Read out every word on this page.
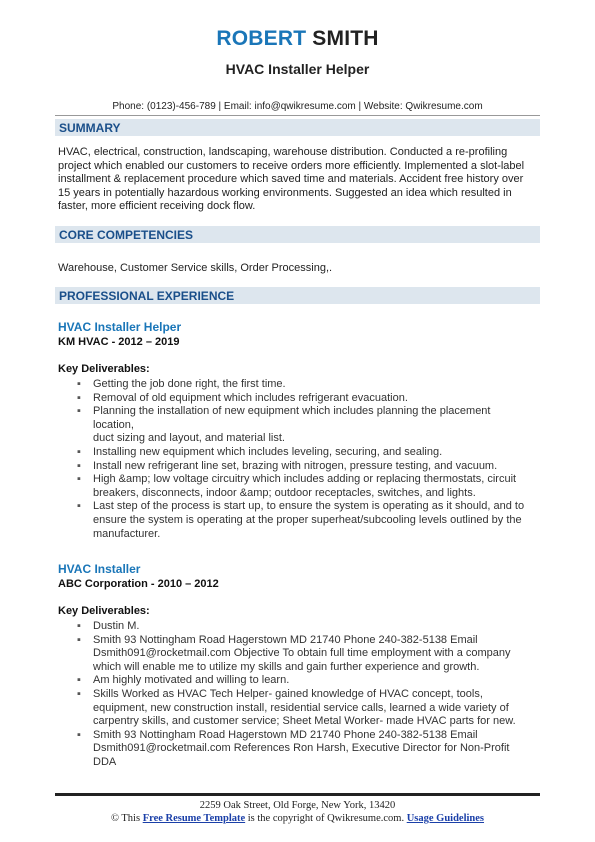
ROBERT SMITH
HVAC Installer Helper
Phone: (0123)-456-789 | Email: info@qwikresume.com | Website: Qwikresume.com
SUMMARY
HVAC, electrical, construction, landscaping, warehouse distribution. Conducted a re-profiling
project which enabled our customers to receive orders more efficiently. Implemented a slot-label
installment & replacement procedure which saved time and materials. Accident free history over
15 years in potentially hazardous working environments. Suggested an idea which resulted in
faster, more efficient receiving dock flow.
CORE COMPETENCIES
Warehouse, Customer Service skills, Order Processing,.
PROFESSIONAL EXPERIENCE
HVAC Installer Helper
KM HVAC - 2012 – 2019
Key Deliverables:
▪ Getting the job done right, the first time.
▪ Removal of old equipment which includes refrigerant evacuation.
▪ Planning the installation of new equipment which includes planning the placement location,
duct sizing and layout, and material list.
▪ Installing new equipment which includes leveling, securing, and sealing.
▪ Install new refrigerant line set, brazing with nitrogen, pressure testing, and vacuum.
▪ High &amp; low voltage circuitry which includes adding or replacing thermostats, circuit
breakers, disconnects, indoor &amp; outdoor receptacles, switches, and lights.
▪ Last step of the process is start up, to ensure the system is operating as it should, and to
ensure the system is operating at the proper superheat/subcooling levels outlined by the
manufacturer.
HVAC Installer
ABC Corporation - 2010 – 2012
Key Deliverables:
▪ Dustin M.
▪ Smith 93 Nottingham Road Hagerstown MD 21740 Phone 240-382-5138 Email
Dsmith091@rocketmail.com Objective To obtain full time employment with a company
which will enable me to utilize my skills and gain further experience and growth.
▪ Am highly motivated and willing to learn.
▪ Skills Worked as HVAC Tech Helper- gained knowledge of HVAC concept, tools,
equipment, new construction install, residential service calls, learned a wide variety of
carpentry skills, and customer service; Sheet Metal Worker- made HVAC parts for new.
▪ Smith 93 Nottingham Road Hagerstown MD 21740 Phone 240-382-5138 Email
Dsmith091@rocketmail.com References Ron Harsh, Executive Director for Non-Profit DDA
2259 Oak Street, Old Forge, New York, 13420
© This Free Resume Template is the copyright of Qwikresume.com. Usage Guidelines
